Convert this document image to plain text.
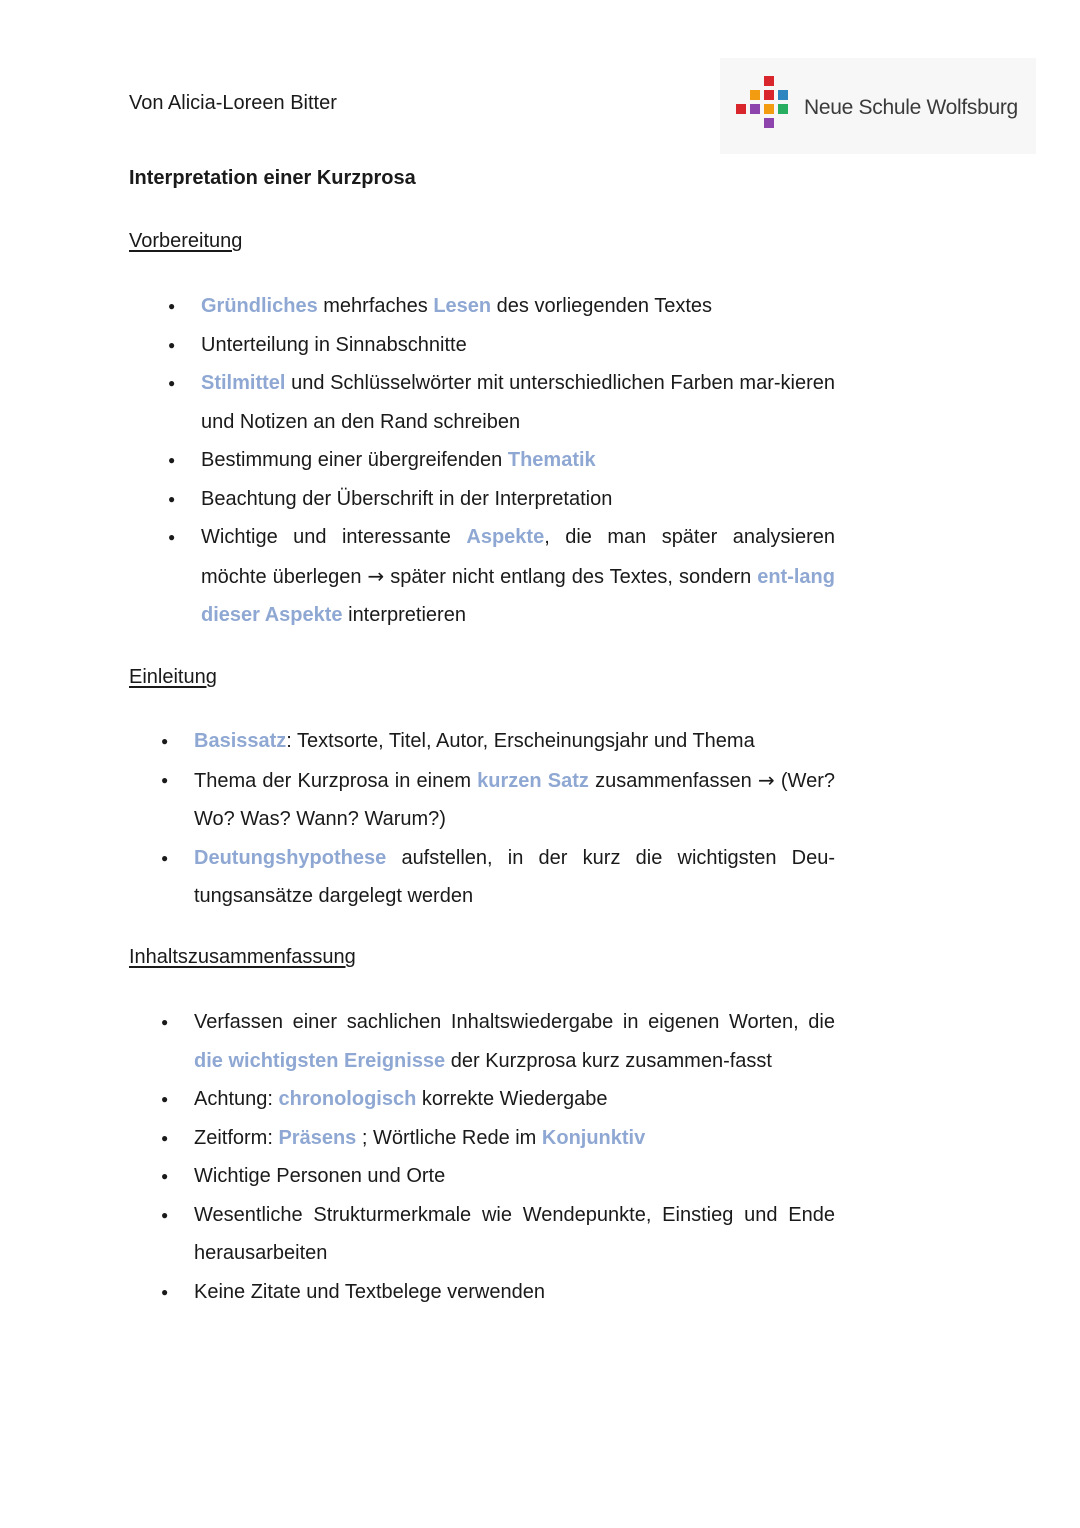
Von Alicia-Loreen Bitter	Neue Schule Wolfsburg
Interpretation einer Kurzprosa
Vorbereitung
● Gründliches mehrfaches Lesen des vorliegenden Textes
● Unterteilung in Sinnabschnitte
● Stilmittel und Schlüsselwörter mit unterschiedlichen Farben mar-kieren und Notizen an den Rand schreiben
● Bestimmung einer übergreifenden Thematik
● Beachtung der Überschrift in der Interpretation
● Wichtige und interessante Aspekte, die man später analysieren möchte überlegen → später nicht entlang des Textes, sondern ent-lang dieser Aspekte interpretieren
Einleitung
● Basissatz: Textsorte, Titel, Autor, Erscheinungsjahr und Thema
● Thema der Kurzprosa in einem kurzen Satz zusammenfassen → (Wer? Wo? Was? Wann? Warum?)
● Deutungshypothese aufstellen, in der kurz die wichtigsten Deu-tungsansätze dargelegt werden
Inhaltszusammenfassung
● Verfassen einer sachlichen Inhaltswiedergabe in eigenen Worten, die die wichtigsten Ereignisse der Kurzprosa kurz zusammen-fasst
● Achtung: chronologisch korrekte Wiedergabe
● Zeitform: Präsens ; Wörtliche Rede im Konjunktiv
● Wichtige Personen und Orte
● Wesentliche Strukturmerkmale wie Wendepunkte, Einstieg und Ende herausarbeiten
● Keine Zitate und Textbelege verwenden
